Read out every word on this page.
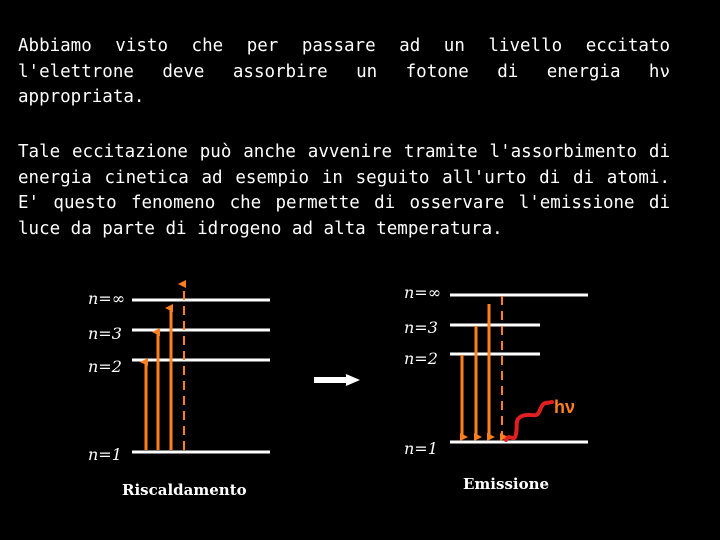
Abbiamo visto che per passare ad un livello eccitato l'elettrone deve assorbire un fotone di energia hν appropriata.

Tale eccitazione può anche avvenire tramite l'assorbimento di energia cinetica ad esempio in seguito all'urto di di atomi. E' questo fenomeno che permette di osservare l'emissione di luce da parte di idrogeno ad alta temperatura.

n=∞
n=3
n=2
n=1
Riscaldamento
n=∞
n=3
n=2
n=1
hν
Emissione
